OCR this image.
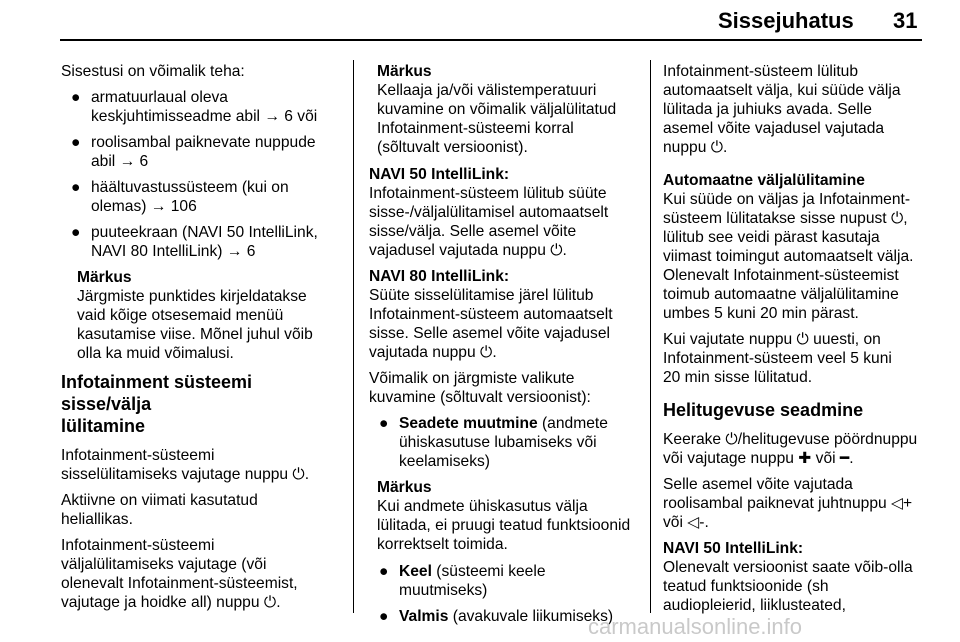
Sissejuhatus 31

Sisestusi on võimalik teha:

● armatuurlaual oleva
keskjuhtimisseadme abil → 6 või
● roolisambal paiknevate nuppude
abil → 6
● häältuvastussüsteem (kui on
olemas) → 106
● puuteekraan (NAVI 50 IntelliLink,
NAVI 80 IntelliLink) → 6
Märkus
Järgmiste punktides kirjeldatakse
vaid kõige otsesemaid menüü
kasutamise viise. Mõnel juhul võib
olla ka muid võimalusi.
Infotainment süsteemi sisse/välja
lülitamine

Infotainment-süsteemi
sisselülitamiseks vajutage nuppu ⏻.

Aktiivne on viimati kasutatud
heliallikas.

Infotainment-süsteemi
väljalülitamiseks vajutage (või
olenevalt Infotainment-süsteemist,
vajutage ja hoidke all) nuppu ⏻.

Märkus
Kellaaja ja/või välistemperatuuri
kuvamine on võimalik väljalülitatud
Infotainment-süsteemi korral
(sõltuvalt versioonist).

NAVI 50 IntelliLink:
Infotainment-süsteem lülitub süüte
sisse-/väljalülitamisel automaatselt
sisse/välja. Selle asemel võite
vajadusel vajutada nuppu ⏻.

NAVI 80 IntelliLink:
Süüte sisselülitamise järel lülitub
Infotainment-süsteem automaatselt
sisse. Selle asemel võite vajadusel
vajutada nuppu ⏻.

Võimalik on järgmiste valikute
kuvamine (sõltuvalt versioonist):

● Seadete muutmine (andmete
ühiskasutuse lubamiseks või
keelamiseks)
Märkus
Kui andmete ühiskasutus välja
lülitada, ei pruugi teatud funktsioonid
korrektselt toimida.
● Keel (süsteemi keele
muutmiseks)
● Valmis (avakuvale liikumiseks)

Infotainment-süsteem lülitub
automaatselt välja, kui süüde välja
lülitada ja juhiuks avada. Selle
asemel võite vajadusel vajutada
nuppu ⏻.

Automaatne väljalülitamine
Kui süüde on väljas ja Infotainment-
süsteem lülitatakse sisse nupust ⏻,
lülitub see veidi pärast kasutaja
viimast toimingut automaatselt välja.
Olenevalt Infotainment-süsteemist
toimub automaatne väljalülitamine
umbes 5 kuni 20 min pärast.

Kui vajutate nuppu ⏻ uuesti, on
Infotainment-süsteem veel 5 kuni
20 min sisse lülitatud.

Helitugevuse seadmine

Keerake ⏻/helitugevuse pöördnuppu
või vajutage nuppu ✚ või ━.

Selle asemel võite vajutada
roolisambal paiknevat juhtnuppu ◁+
või ◁-.

NAVI 50 IntelliLink:
Olenevalt versioonist saate võib-olla
teatud funktsioonide (sh
audiopleierid, liiklusteated,

carmanualsonline.info
